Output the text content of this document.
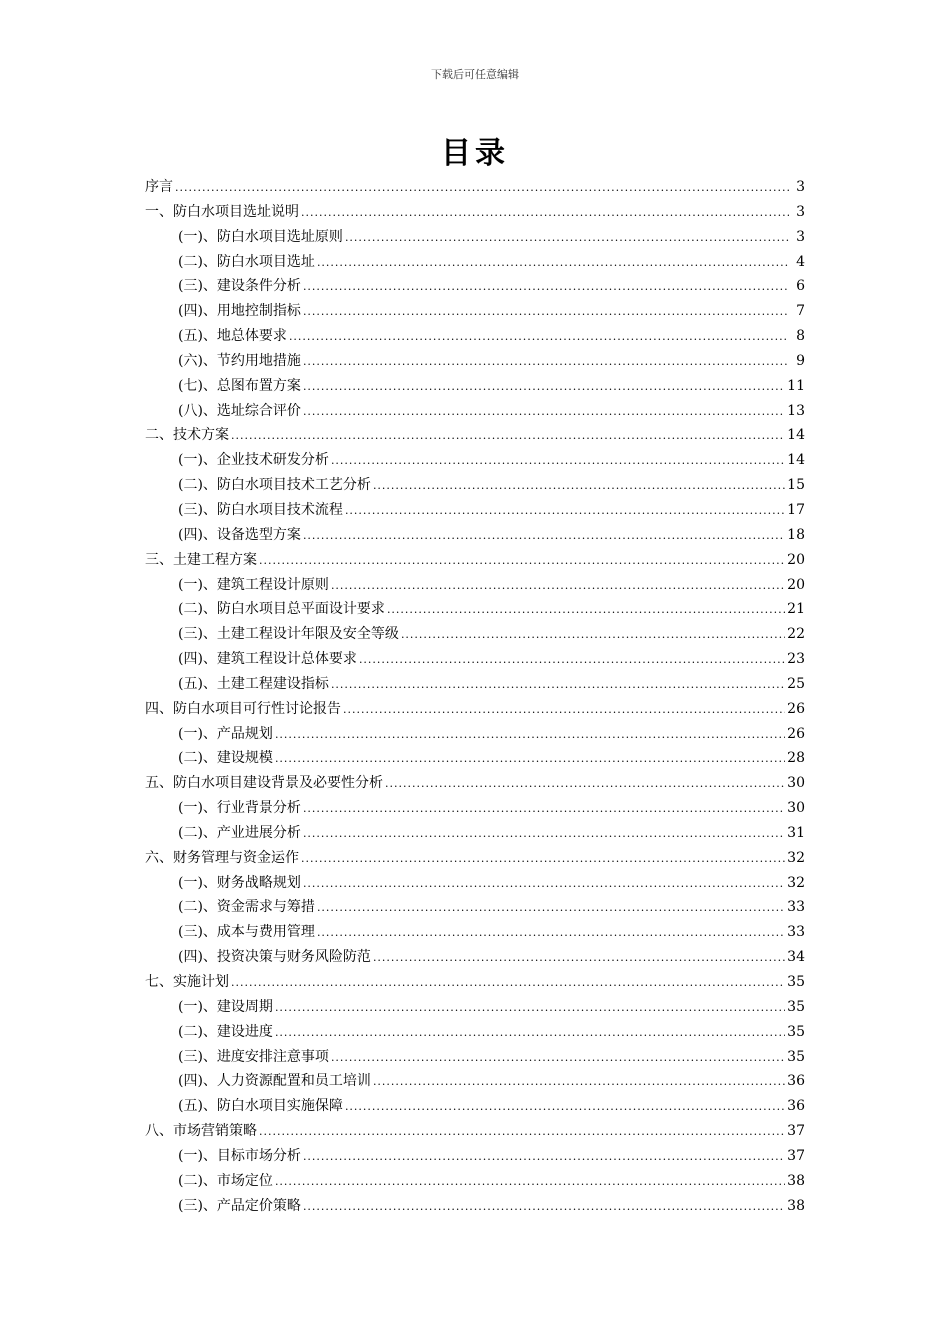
下载后可任意编辑
目录
序言 .....	3
一、防白水项目选址说明 .....	3
(一)、防白水项目选址原则 .....	3
(二)、防白水项目选址 .....	4
(三)、建设条件分析 .....	6
(四)、用地控制指标 .....	7
(五)、地总体要求 .....	8
(六)、节约用地措施 .....	9
(七)、总图布置方案 .....	11
(八)、选址综合评价 .....	13
二、技术方案 .....	14
(一)、企业技术研发分析 .....	14
(二)、防白水项目技术工艺分析 .....	15
(三)、防白水项目技术流程 .....	17
(四)、设备选型方案 .....	18
三、土建工程方案 .....	20
(一)、建筑工程设计原则 .....	20
(二)、防白水项目总平面设计要求 .....	21
(三)、土建工程设计年限及安全等级 .....	22
(四)、建筑工程设计总体要求 .....	23
(五)、土建工程建设指标 .....	25
四、防白水项目可行性讨论报告 .....	26
(一)、产品规划 .....	26
(二)、建设规模 .....	28
五、防白水项目建设背景及必要性分析 .....	30
(一)、行业背景分析 .....	30
(二)、产业进展分析 .....	31
六、财务管理与资金运作 .....	32
(一)、财务战略规划 .....	32
(二)、资金需求与筹措 .....	33
(三)、成本与费用管理 .....	33
(四)、投资决策与财务风险防范 .....	34
七、实施计划 .....	35
(一)、建设周期 .....	35
(二)、建设进度 .....	35
(三)、进度安排注意事项 .....	35
(四)、人力资源配置和员工培训 .....	36
(五)、防白水项目实施保障 .....	36
八、市场营销策略 .....	37
(一)、目标市场分析 .....	37
(二)、市场定位 .....	38
(三)、产品定价策略 .....	38
